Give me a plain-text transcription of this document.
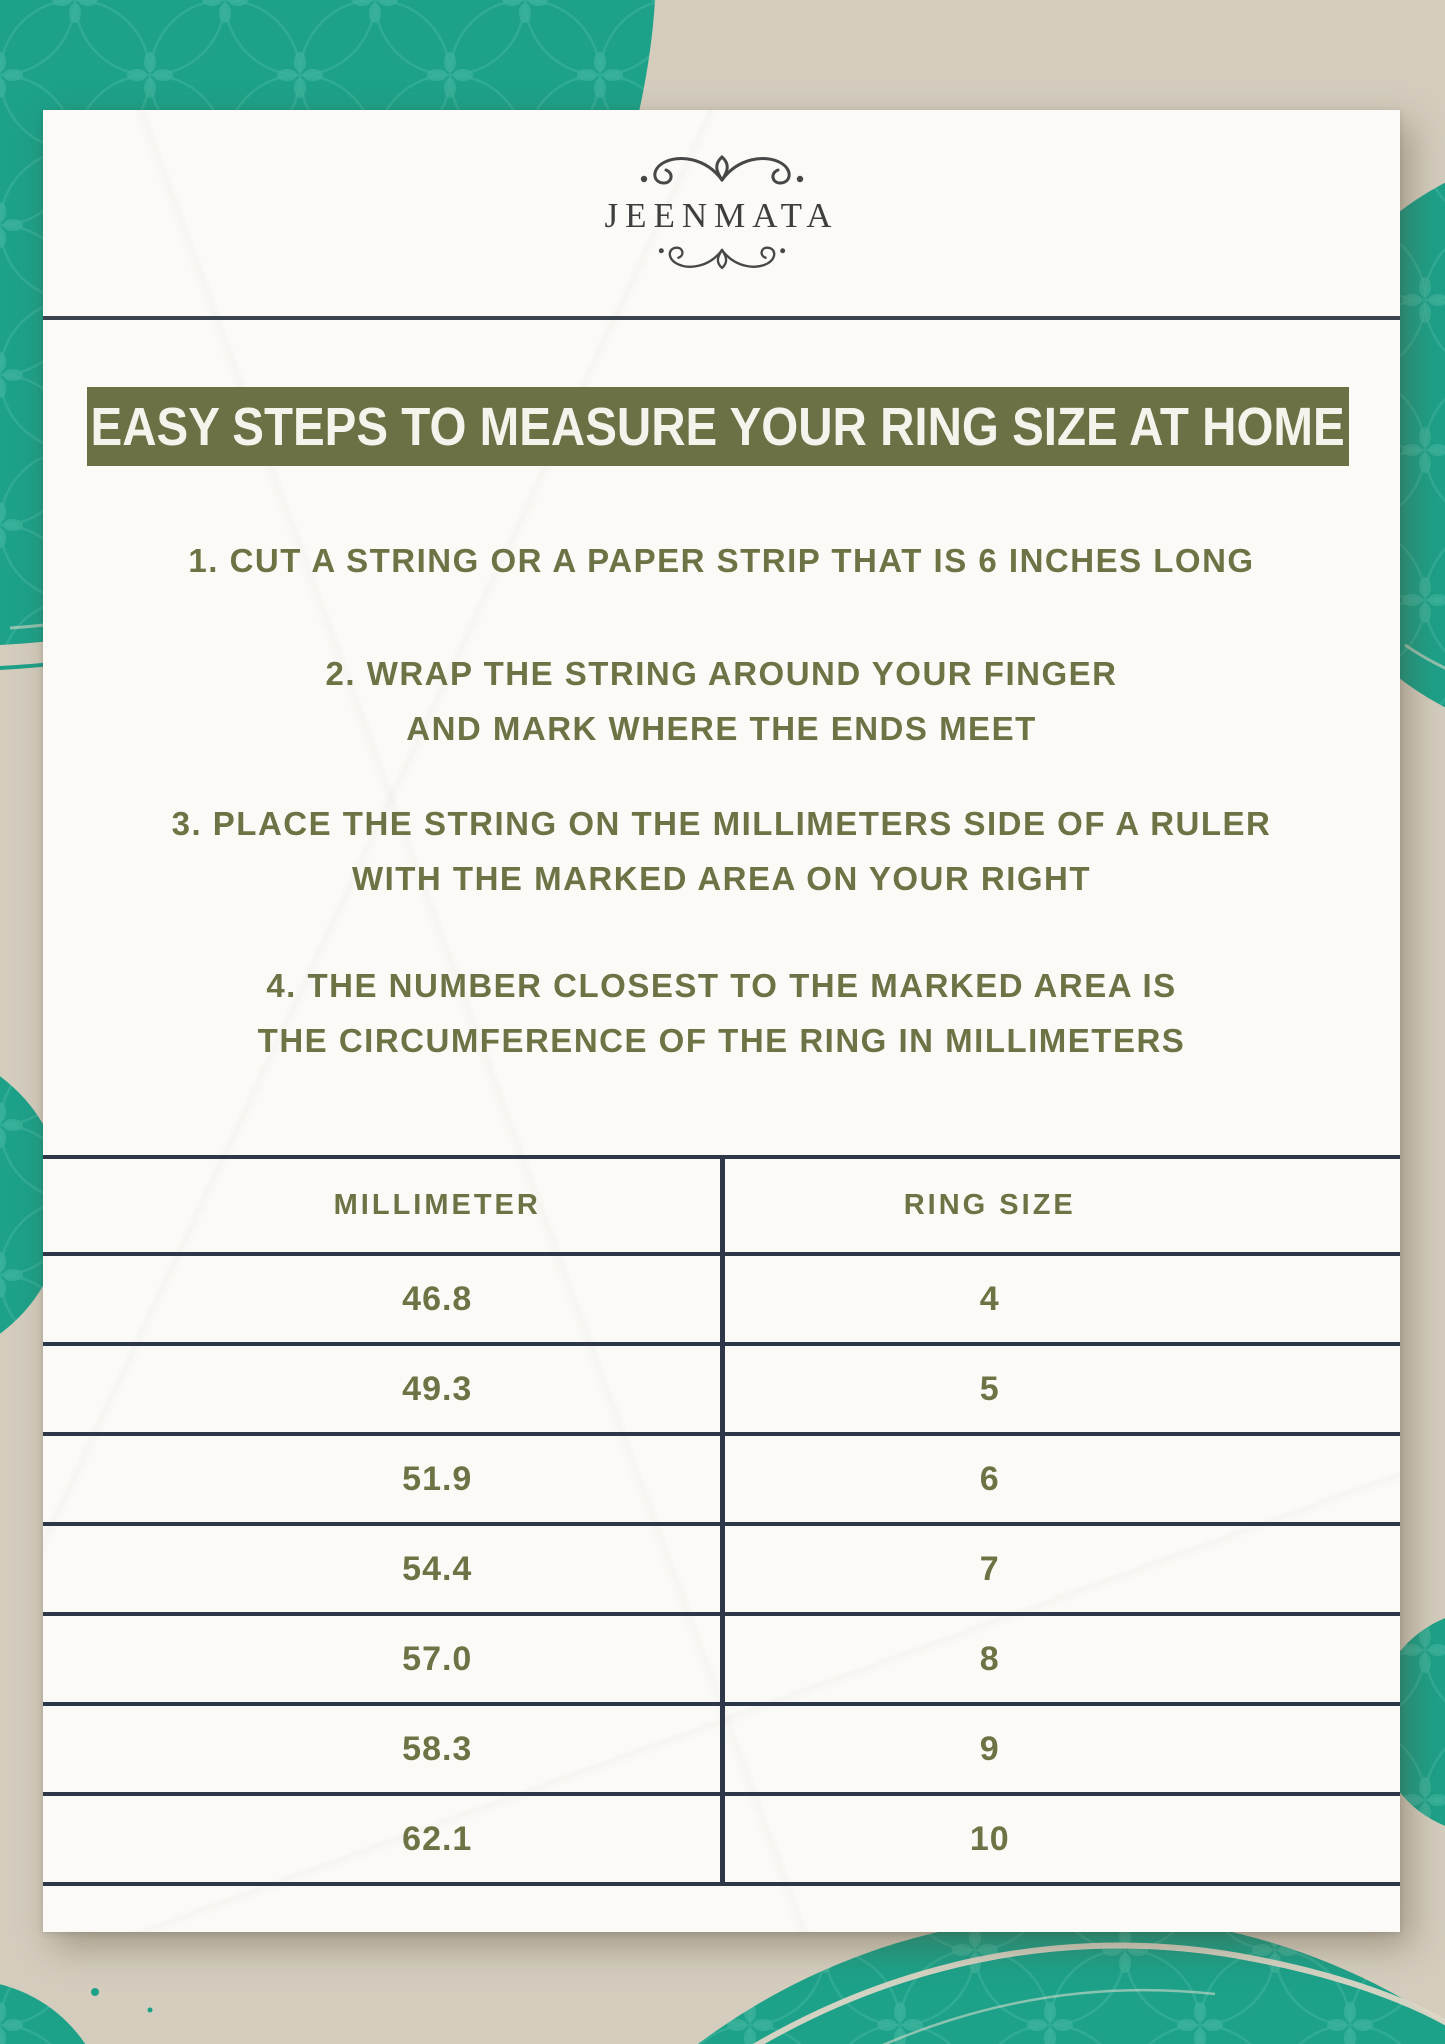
JEENMATA
EASY STEPS TO MEASURE YOUR RING SIZE AT HOME
1. CUT A STRING OR A PAPER STRIP THAT IS 6 INCHES LONG
2. WRAP THE STRING AROUND YOUR FINGER
AND MARK WHERE THE ENDS MEET
3. PLACE THE STRING ON THE MILLIMETERS SIDE OF A RULER
WITH THE MARKED AREA ON YOUR RIGHT
4. THE NUMBER CLOSEST TO THE MARKED AREA IS
THE CIRCUMFERENCE OF THE RING IN MILLIMETERS
MILLIMETER	RING SIZE
46.8	4
49.3	5
51.9	6
54.4	7
57.0	8
58.3	9
62.1	10
